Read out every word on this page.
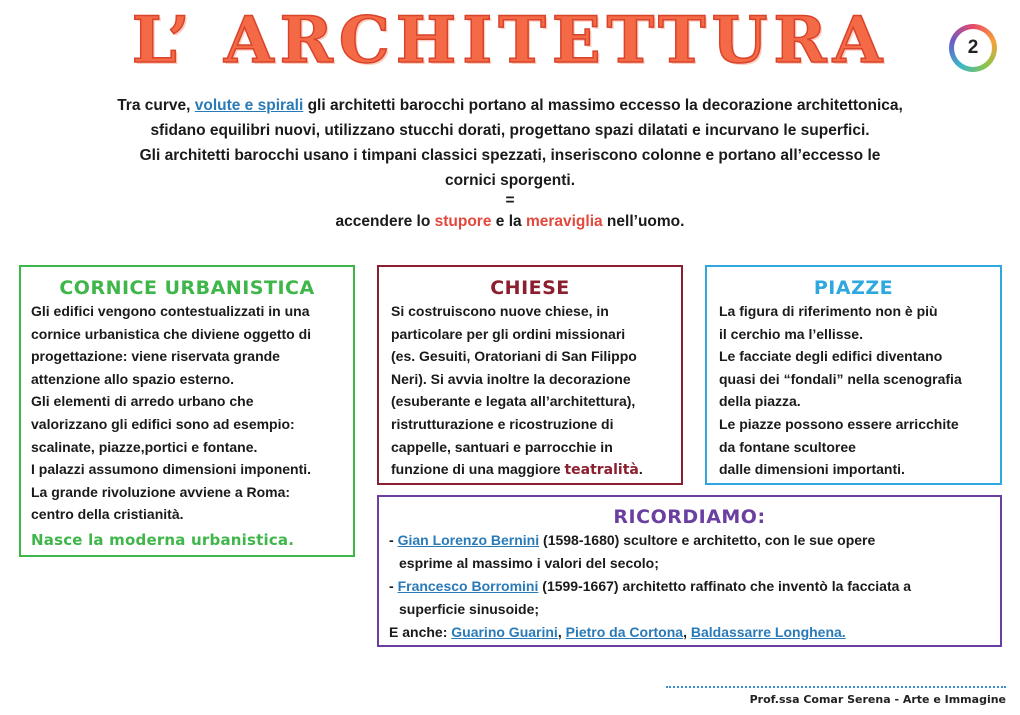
L’ ARCHITETTURA	2
Tra curve, volute e spirali gli architetti barocchi portano al massimo eccesso la decorazione architettonica,
sfidano equilibri nuovi, utilizzano stucchi dorati, progettano spazi dilatati e incurvano le superfici.
Gli architetti barocchi usano i timpani classici spezzati, inseriscono colonne e portano all’eccesso le
cornici sporgenti.
=
accendere lo stupore e la meraviglia nell’uomo.
CORNICE URBANISTICA
Gli edifici vengono contestualizzati in una
cornice urbanistica che diviene oggetto di
progettazione: viene riservata grande
attenzione allo spazio esterno.
Gli elementi di arredo urbano che
valorizzano gli edifici sono ad esempio:
scalinate, piazze,portici e fontane.
I palazzi assumono dimensioni imponenti.
La grande rivoluzione avviene a Roma:
centro della cristianità.
Nasce la moderna urbanistica.
CHIESE
Si costruiscono nuove chiese, in
particolare per gli ordini missionari
(es. Gesuiti, Oratoriani di San Filippo
Neri). Si avvia inoltre la decorazione
(esuberante e legata all’architettura),
ristrutturazione e ricostruzione di
cappelle, santuari e parrocchie in
funzione di una maggiore teatralità.
PIAZZE
La figura di riferimento non è più
il cerchio ma l’ellisse.
Le facciate degli edifici diventano
quasi dei “fondali” nella scenografia
della piazza.
Le piazze possono essere arricchite
da fontane scultoree
dalle dimensioni importanti.
RICORDIAMO:
- Gian Lorenzo Bernini (1598-1680) scultore e architetto, con le sue opere
esprime al massimo i valori del secolo;
- Francesco Borromini (1599-1667) architetto raffinato che inventò la facciata a
superficie sinusoide;
E anche: Guarino Guarini, Pietro da Cortona, Baldassarre Longhena.
Prof.ssa Comar Serena - Arte e Immagine
